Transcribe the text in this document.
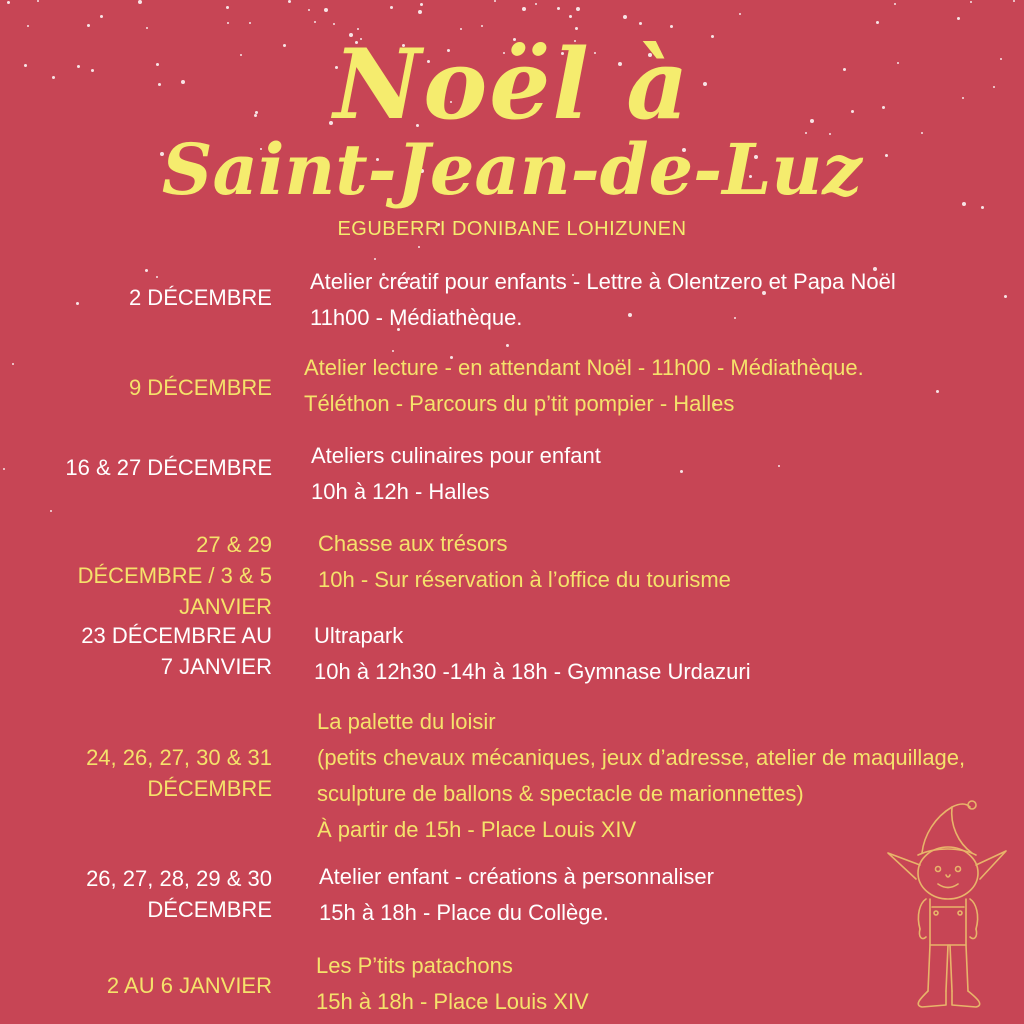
Noël à
Saint-Jean-de-Luz
EGUBERRI DONIBANE LOHIZUNEN
2 DÉCEMBRE
Atelier créatif pour enfants - Lettre à Olentzero et Papa Noël
11h00 - Médiathèque.
9 DÉCEMBRE
Atelier lecture - en attendant Noël - 11h00 - Médiathèque.
Téléthon - Parcours du p’tit pompier - Halles
16 & 27 DÉCEMBRE Ateliers culinaires pour enfant
10h à 12h - Halles
27 & 29
DÉCEMBRE / 3 & 5
JANVIER
Chasse aux trésors
10h - Sur réservation à l’office du tourisme
23 DÉCEMBRE AU
7 JANVIER
Ultrapark
10h à 12h30 -14h à 18h - Gymnase Urdazuri
24, 26, 27, 30 & 31
DÉCEMBRE
La palette du loisir
(petits chevaux mécaniques, jeux d’adresse, atelier de maquillage,
sculpture de ballons & spectacle de marionnettes)
À partir de 15h - Place Louis XIV
26, 27, 28, 29 & 30
DÉCEMBRE
Atelier enfant - créations à personnaliser
15h à 18h - Place du Collège.
2 AU 6 JANVIER
Les P’tits patachons
15h à 18h - Place Louis XIV
